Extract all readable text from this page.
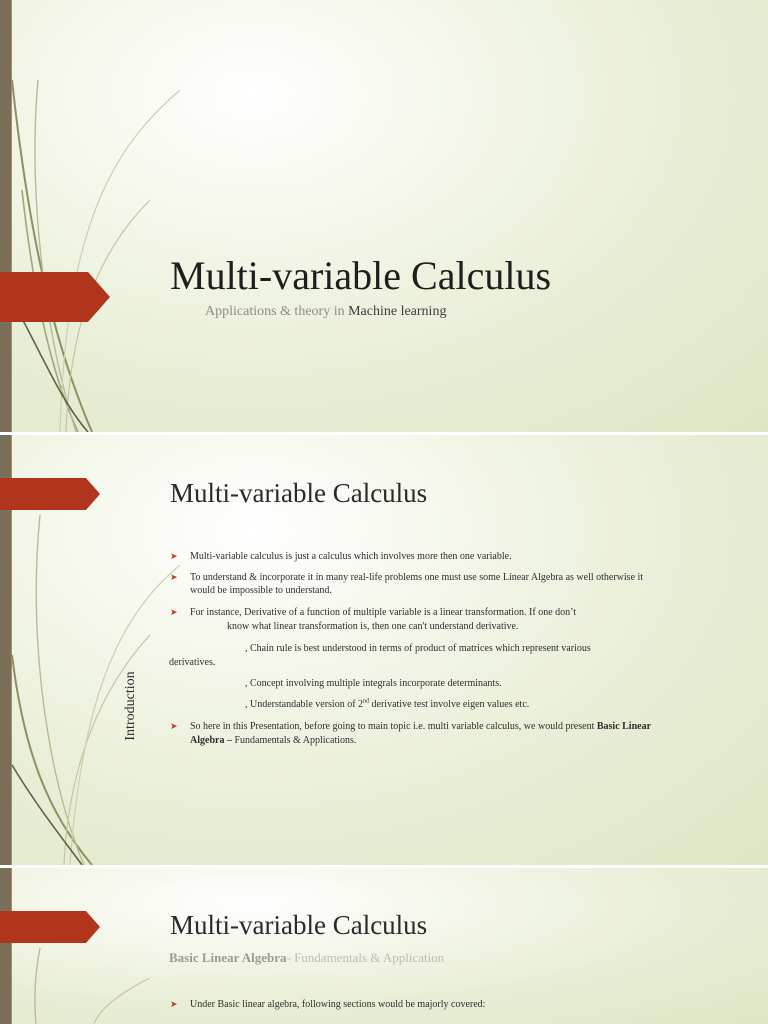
Multi-variable Calculus
Applications & theory in Machine learning
Introduction
Multi-variable Calculus
➤ Multi-variable calculus is just a calculus which involves more then one variable.
➤ To understand & incorporate it in many real-life problems one must use some Linear Algebra as well otherwise it
would be impossible to understand.
➤ For instance, Derivative of a function of multiple variable is a linear transformation. If one don’t
know what linear transformation is, then one can't understand derivative.
, Chain rule is best understood in terms of product of matrices which represent various
derivatives.
, Concept involving multiple integrals incorporate determinants.
, Understandable version of 2nd derivative test involve eigen values etc.
➤ So here in this Presentation, before going to main topic i.e. multi variable calculus, we would present Basic Linear
Algebra – Fundamentals & Applications.
Multi-variable Calculus
Basic Linear Algebra- Fundamentals & Application
➤ Under Basic linear algebra, following sections would be majorly covered:
